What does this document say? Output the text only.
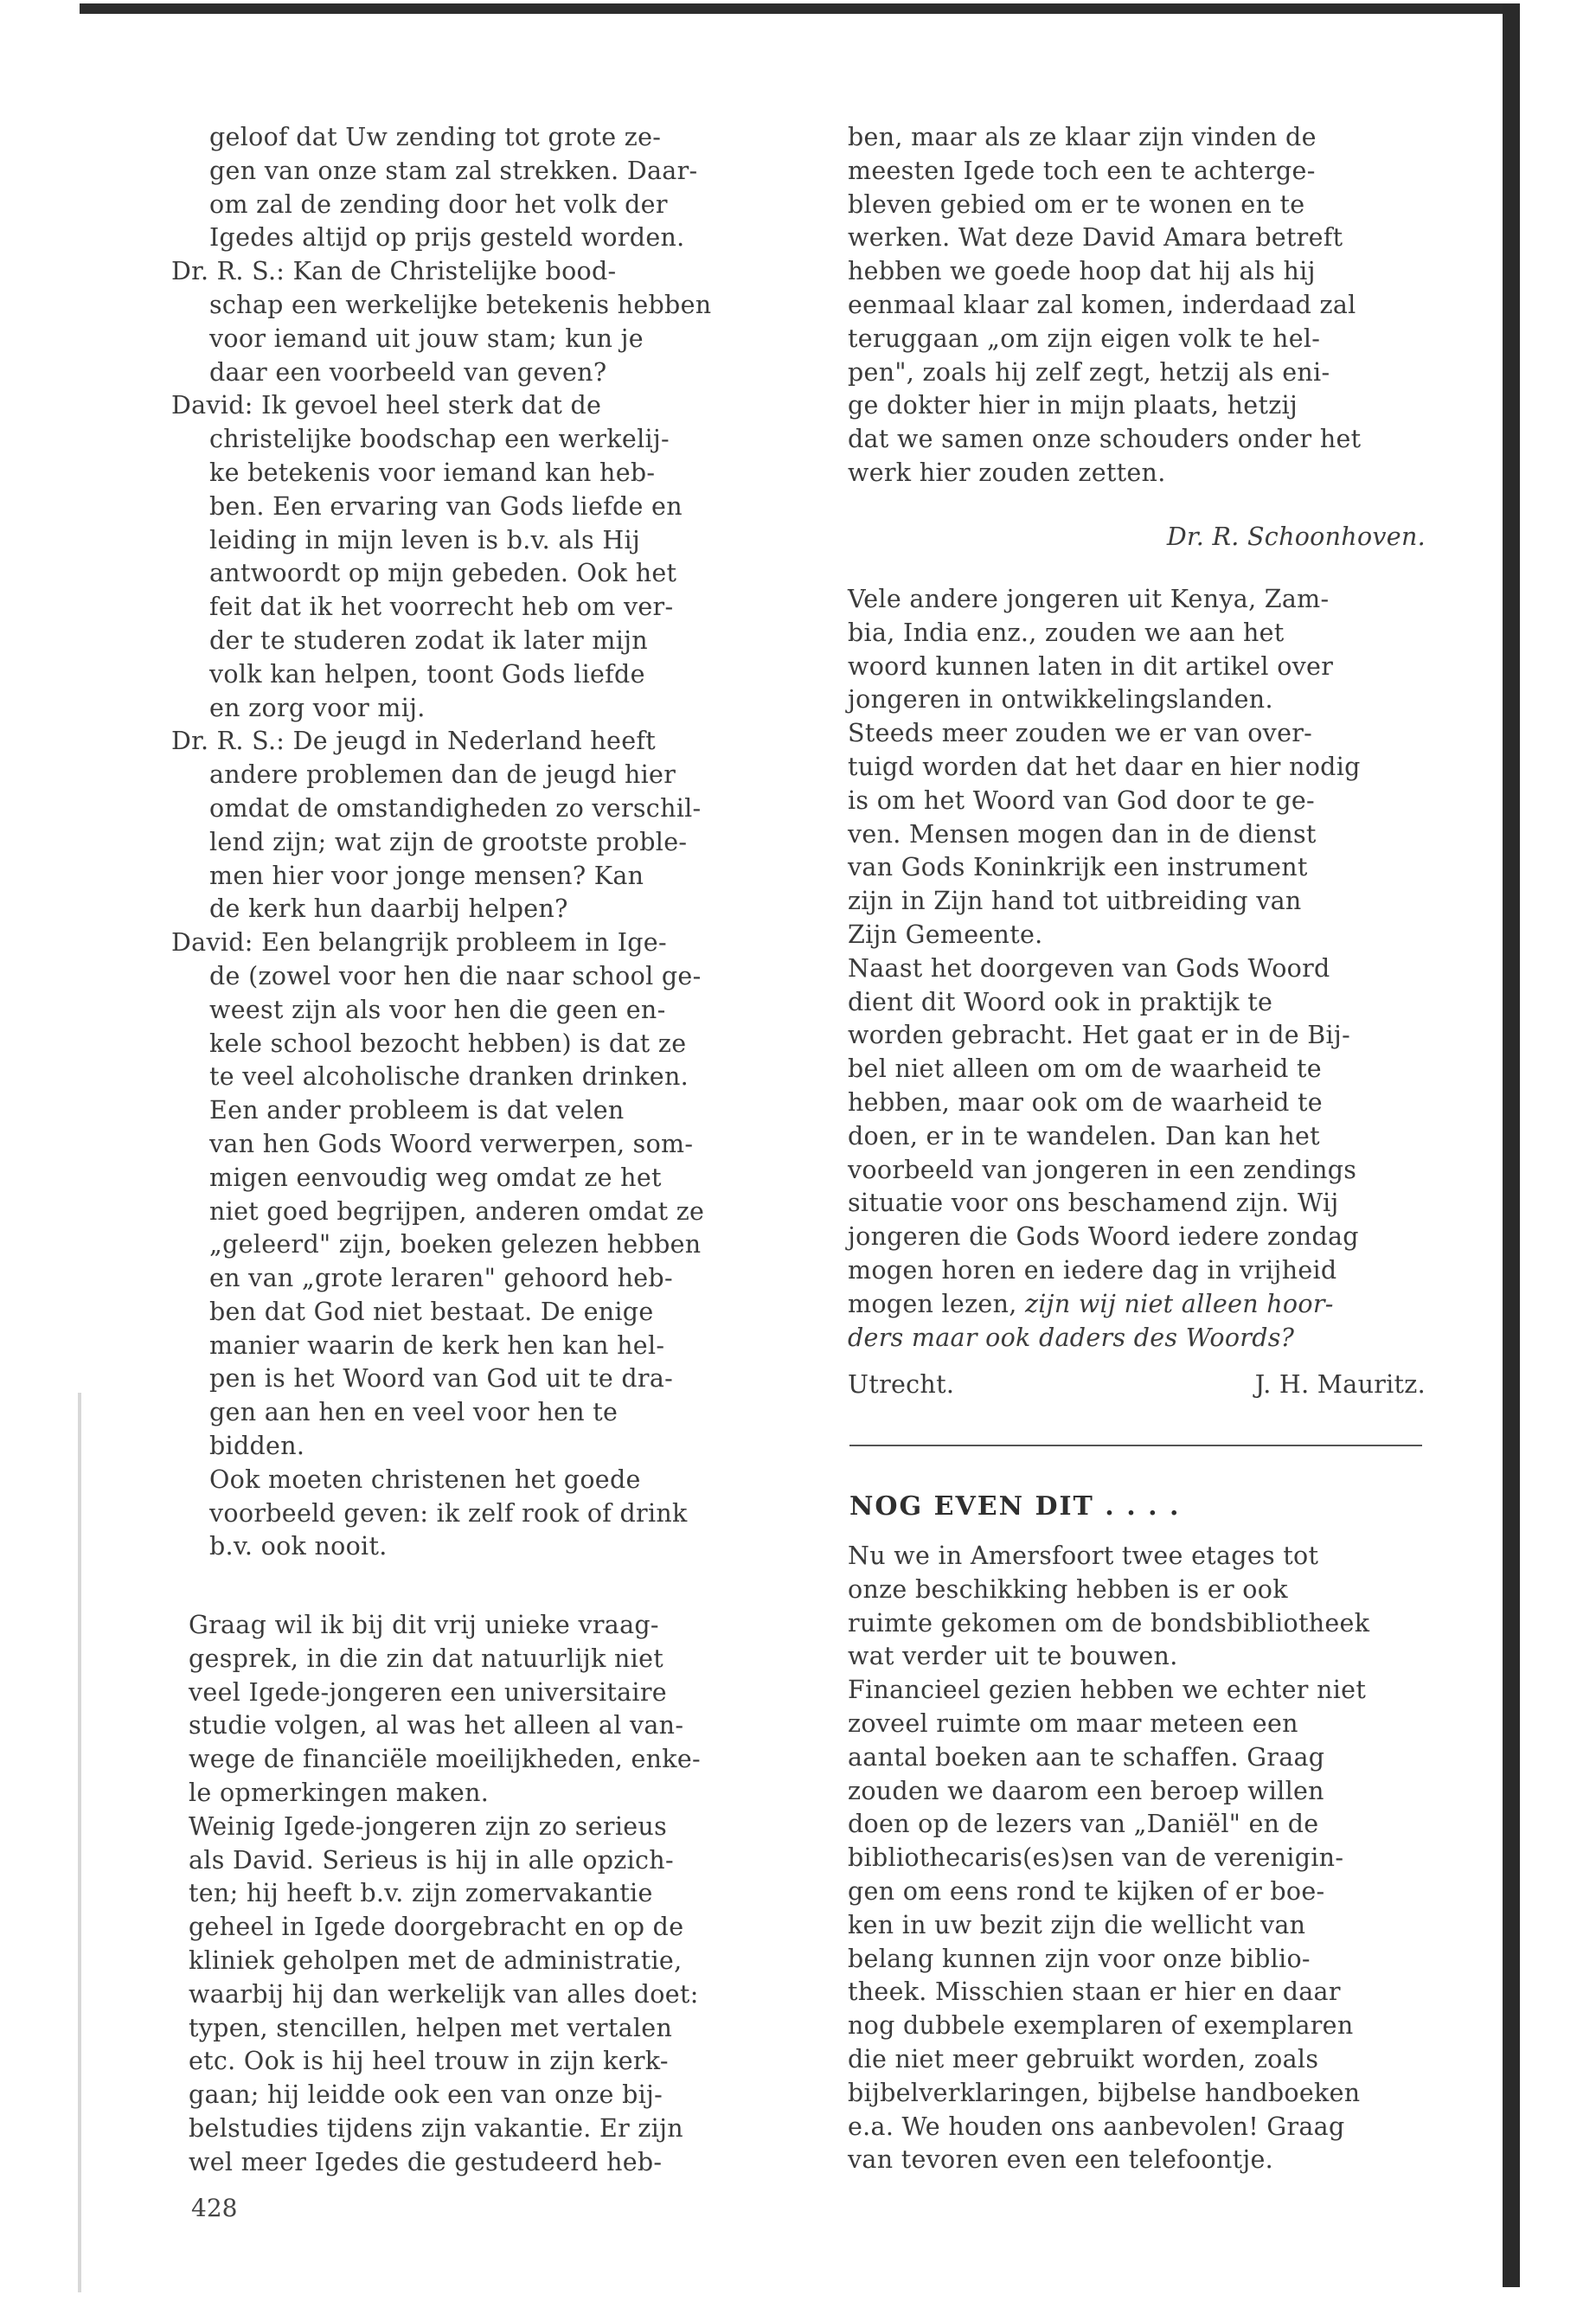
geloof dat Uw zending tot grote ze-

gen van onze stam zal strekken. Daar-

om zal de zending door het volk der

Igedes altijd op prijs gesteld worden.

Dr. R. S.: Kan de Christelijke bood-

schap een werkelijke betekenis hebben

voor iemand uit jouw stam; kun je

daar een voorbeeld van geven?

David: Ik gevoel heel sterk dat de

christelijke boodschap een werkelij-

ke betekenis voor iemand kan heb-

ben. Een ervaring van Gods liefde en

leiding in mijn leven is b.v. als Hij

antwoordt op mijn gebeden. Ook het

feit dat ik het voorrecht heb om ver-

der te studeren zodat ik later mijn

volk kan helpen, toont Gods liefde

en zorg voor mij.

Dr. R. S.: De jeugd in Nederland heeft

andere problemen dan de jeugd hier

omdat de omstandigheden zo verschil-

lend zijn; wat zijn de grootste proble-

men hier voor jonge mensen? Kan

de kerk hun daarbij helpen?

David: Een belangrijk probleem in Ige-

de (zowel voor hen die naar school ge-

weest zijn als voor hen die geen en-

kele school bezocht hebben) is dat ze

te veel alcoholische dranken drinken.

Een ander probleem is dat velen

van hen Gods Woord verwerpen, som-

migen eenvoudig weg omdat ze het

niet goed begrijpen, anderen omdat ze

„geleerd" zijn, boeken gelezen hebben

en van „grote leraren" gehoord heb-

ben dat God niet bestaat. De enige

manier waarin de kerk hen kan hel-

pen is het Woord van God uit te dra-

gen aan hen en veel voor hen te

bidden.

Ook moeten christenen het goede

voorbeeld geven: ik zelf rook of drink

b.v. ook nooit.

Graag wil ik bij dit vrij unieke vraag-

gesprek, in die zin dat natuurlijk niet

veel Igede-jongeren een universitaire

studie volgen, al was het alleen al van-

wege de financiële moeilijkheden, enke-

le opmerkingen maken.

Weinig Igede-jongeren zijn zo serieus

als David. Serieus is hij in alle opzich-

ten; hij heeft b.v. zijn zomervakantie

geheel in Igede doorgebracht en op de

kliniek geholpen met de administratie,

waarbij hij dan werkelijk van alles doet:

typen, stencillen, helpen met vertalen

etc. Ook is hij heel trouw in zijn kerk-

gaan; hij leidde ook een van onze bij-

belstudies tijdens zijn vakantie. Er zijn

wel meer Igedes die gestudeerd heb-

428

ben, maar als ze klaar zijn vinden de

meesten Igede toch een te achterge-

bleven gebied om er te wonen en te

werken. Wat deze David Amara betreft

hebben we goede hoop dat hij als hij

eenmaal klaar zal komen, inderdaad zal

teruggaan „om zijn eigen volk te hel-

pen", zoals hij zelf zegt, hetzij als eni-

ge dokter hier in mijn plaats, hetzij

dat we samen onze schouders onder het

werk hier zouden zetten.

Dr. R. Schoonhoven.

Vele andere jongeren uit Kenya, Zam-

bia, India enz., zouden we aan het

woord kunnen laten in dit artikel over

jongeren in ontwikkelingslanden.

Steeds meer zouden we er van over-

tuigd worden dat het daar en hier nodig

is om het Woord van God door te ge-

ven. Mensen mogen dan in de dienst

van Gods Koninkrijk een instrument

zijn in Zijn hand tot uitbreiding van

Zijn Gemeente.

Naast het doorgeven van Gods Woord

dient dit Woord ook in praktijk te

worden gebracht. Het gaat er in de Bij-

bel niet alleen om om de waarheid te

hebben, maar ook om de waarheid te

doen, er in te wandelen. Dan kan het

voorbeeld van jongeren in een zendings

situatie voor ons beschamend zijn. Wij

jongeren die Gods Woord iedere zondag

mogen horen en iedere dag in vrijheid

mogen lezen, zijn wij niet alleen hoor-

ders maar ook daders des Woords?

Utrecht.	J. H. Mauritz.
NOG EVEN DIT . . . .

Nu we in Amersfoort twee etages tot

onze beschikking hebben is er ook

ruimte gekomen om de bondsbibliotheek

wat verder uit te bouwen.

Financieel gezien hebben we echter niet

zoveel ruimte om maar meteen een

aantal boeken aan te schaffen. Graag

zouden we daarom een beroep willen

doen op de lezers van „Daniël" en de

bibliothecaris(es)sen van de verenigin-

gen om eens rond te kijken of er boe-

ken in uw bezit zijn die wellicht van

belang kunnen zijn voor onze biblio-

theek. Misschien staan er hier en daar

nog dubbele exemplaren of exemplaren

die niet meer gebruikt worden, zoals

bijbelverklaringen, bijbelse handboeken

e.a. We houden ons aanbevolen! Graag

van tevoren even een telefoontje.
